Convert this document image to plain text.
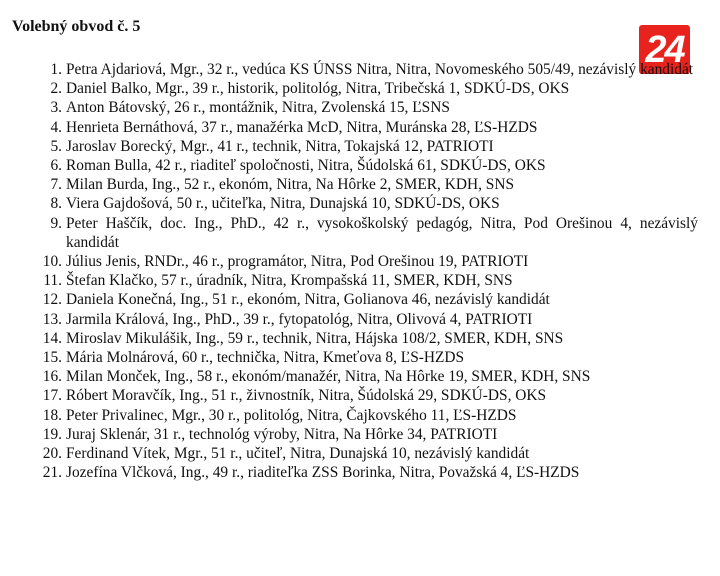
Volebný obvod č. 5
24
1. Petra Ajdariová, Mgr., 32 r., vedúca KS ÚNSS Nitra, Nitra, Novomeského 505/49, nezávislý kandidát
2. Daniel Balko, Mgr., 39 r., historik, politológ, Nitra, Tribečská 1, SDKÚ-DS, OKS
3. Anton Bátovský, 26 r., montážnik, Nitra, Zvolenská 15, ĽSNS
4. Henrieta Bernáthová, 37 r., manažérka McD, Nitra, Muránska 28, ĽS-HZDS
5. Jaroslav Borecký, Mgr., 41 r., technik, Nitra, Tokajská 12, PATRIOTI
6. Roman Bulla, 42 r., riaditeľ spoločnosti, Nitra, Šúdolská 61, SDKÚ-DS, OKS
7. Milan Burda, Ing., 52 r., ekonóm, Nitra, Na Hôrke 2, SMER, KDH, SNS
8. Viera Gajdošová, 50 r., učiteľka, Nitra, Dunajská 10, SDKÚ-DS, OKS
9. Peter Haščík, doc. Ing., PhD., 42 r., vysokoškolský pedagóg, Nitra, Pod Orešinou 4, nezávislý kandidát
10. Július Jenis, RNDr., 46 r., programátor, Nitra, Pod Orešinou 19, PATRIOTI
11. Štefan Klačko, 57 r., úradník, Nitra, Krompašská 11, SMER, KDH, SNS
12. Daniela Konečná, Ing., 51 r., ekonóm, Nitra, Golianova 46, nezávislý kandidát
13. Jarmila Králová, Ing., PhD., 39 r., fytopatológ, Nitra, Olivová 4, PATRIOTI
14. Miroslav Mikulášik, Ing., 59 r., technik, Nitra, Hájska 108/2, SMER, KDH, SNS
15. Mária Molnárová, 60 r., technička, Nitra, Kmeťova 8, ĽS-HZDS
16. Milan Monček, Ing., 58 r., ekonóm/manažér, Nitra, Na Hôrke 19, SMER, KDH, SNS
17. Róbert Moravčík, Ing., 51 r., živnostník, Nitra, Šúdolská 29, SDKÚ-DS, OKS
18. Peter Privalinec, Mgr., 30 r., politológ, Nitra, Čajkovského 11, ĽS-HZDS
19. Juraj Sklenár, 31 r., technológ výroby, Nitra, Na Hôrke 34, PATRIOTI
20. Ferdinand Vítek, Mgr., 51 r., učiteľ, Nitra, Dunajská 10, nezávislý kandidát
21. Jozefína Vlčková, Ing., 49 r., riaditeľka ZSS Borinka, Nitra, Považská 4, ĽS-HZDS
